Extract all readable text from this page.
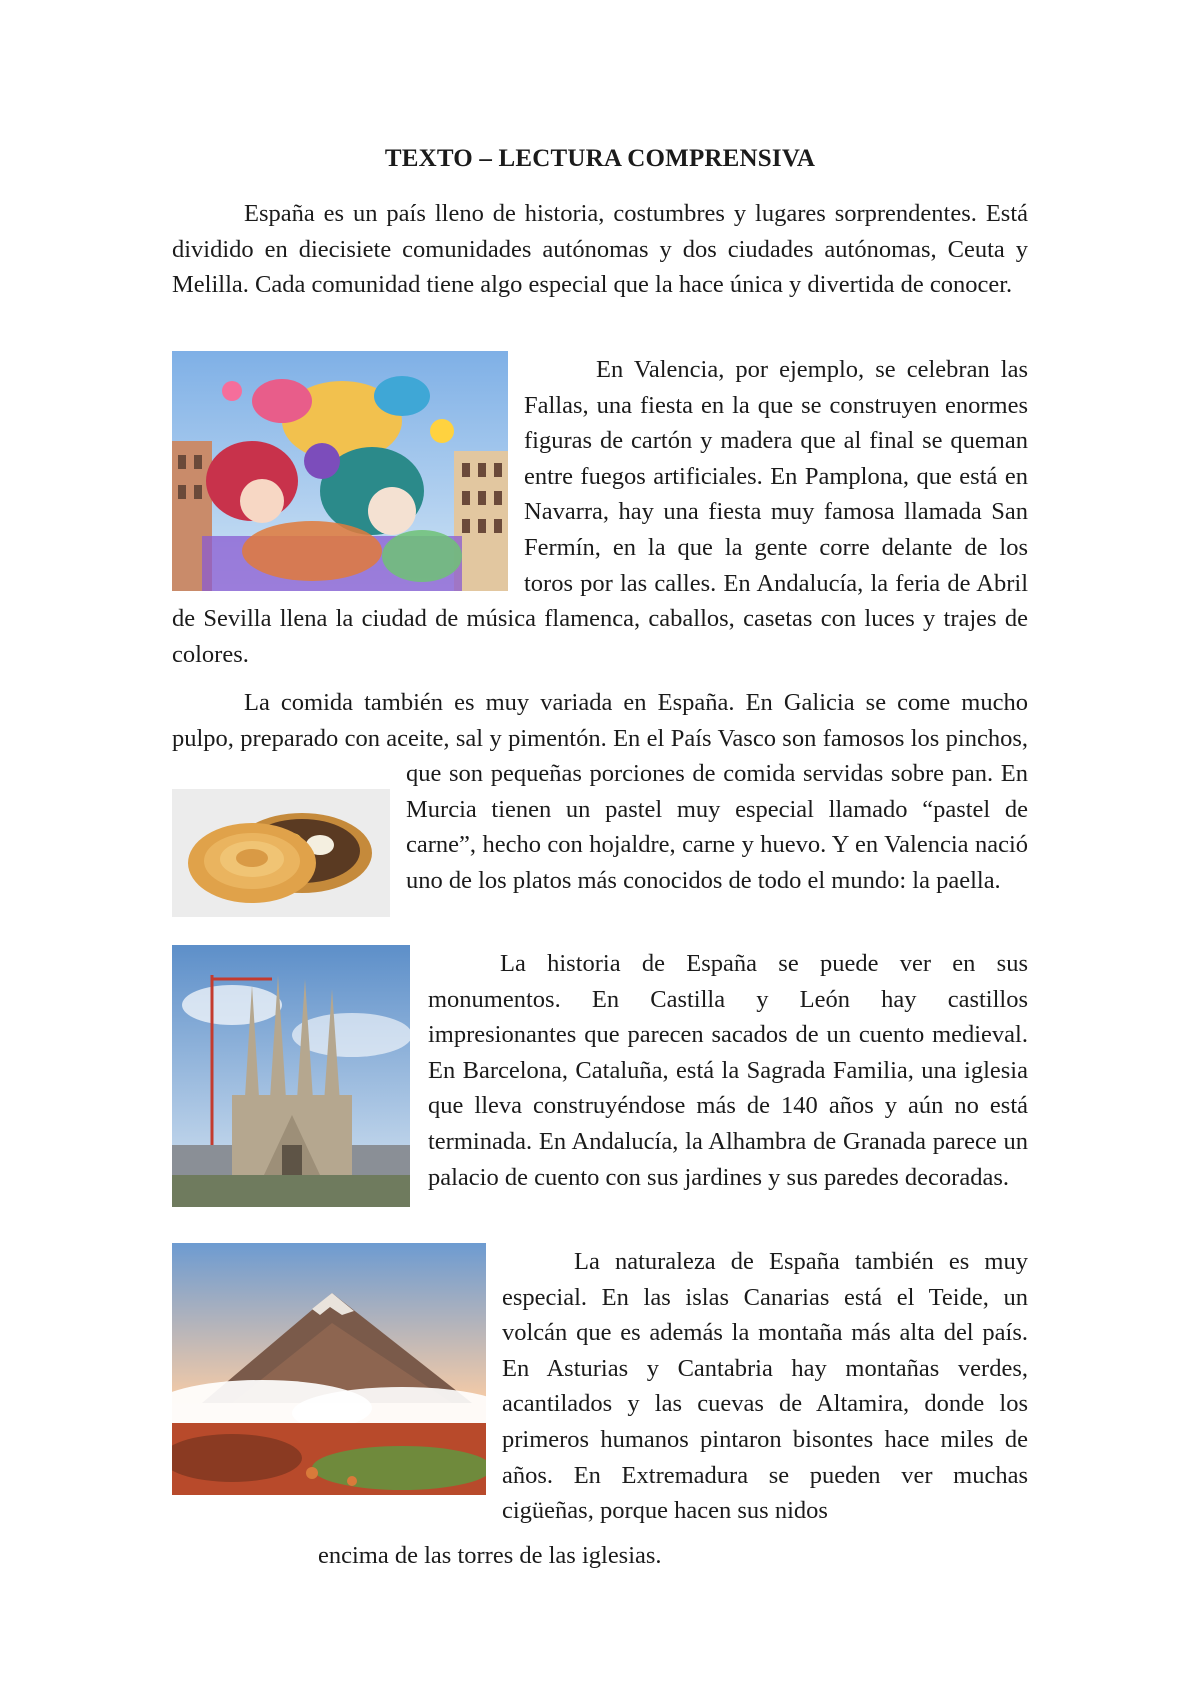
TEXTO – LECTURA COMPRENSIVA

España es un país lleno de historia, costumbres y lugares sorprendentes. Está dividido en diecisiete comunidades autónomas y dos ciudades autónomas, Ceuta y Melilla. Cada comunidad tiene algo especial que la hace única y divertida de conocer.

En Valencia, por ejemplo, se celebran las Fallas, una fiesta en la que se construyen enormes figuras de cartón y madera que al final se queman entre fuegos artificiales. En Pamplona, que está en Navarra, hay una fiesta muy famosa llamada San Fermín, en la que la gente corre delante de los toros por las calles. En Andalucía, la feria de Abril de Sevilla llena la ciudad de música flamenca, caballos, casetas con luces y trajes de colores.

La comida también es muy variada en España. En Galicia se come mucho pulpo, preparado con aceite, sal y pimentón. En el País Vasco son famosos los pinchos, que son pequeñas porciones de comida servidas sobre pan. En Murcia tienen un pastel muy especial llamado “pastel de carne”, hecho con hojaldre, carne y huevo. Y en Valencia nació uno de los platos más conocidos de todo el mundo: la paella.

La historia de España se puede ver en sus monumentos. En Castilla y León hay castillos impresionantes que parecen sacados de un cuento medieval. En Barcelona, Cataluña, está la Sagrada Familia, una iglesia que lleva construyéndose más de 140 años y aún no está terminada. En Andalucía, la Alhambra de Granada parece un palacio de cuento con sus jardines y sus paredes decoradas.

La naturaleza de España también es muy especial. En las islas Canarias está el Teide, un volcán que es además la montaña más alta del país. En Asturias y Cantabria hay montañas verdes, acantilados y las cuevas de Altamira, donde los primeros humanos pintaron bisontes hace miles de años. En Extremadura se pueden ver muchas cigüeñas, porque hacen sus nidos

encima de las torres de las iglesias.
